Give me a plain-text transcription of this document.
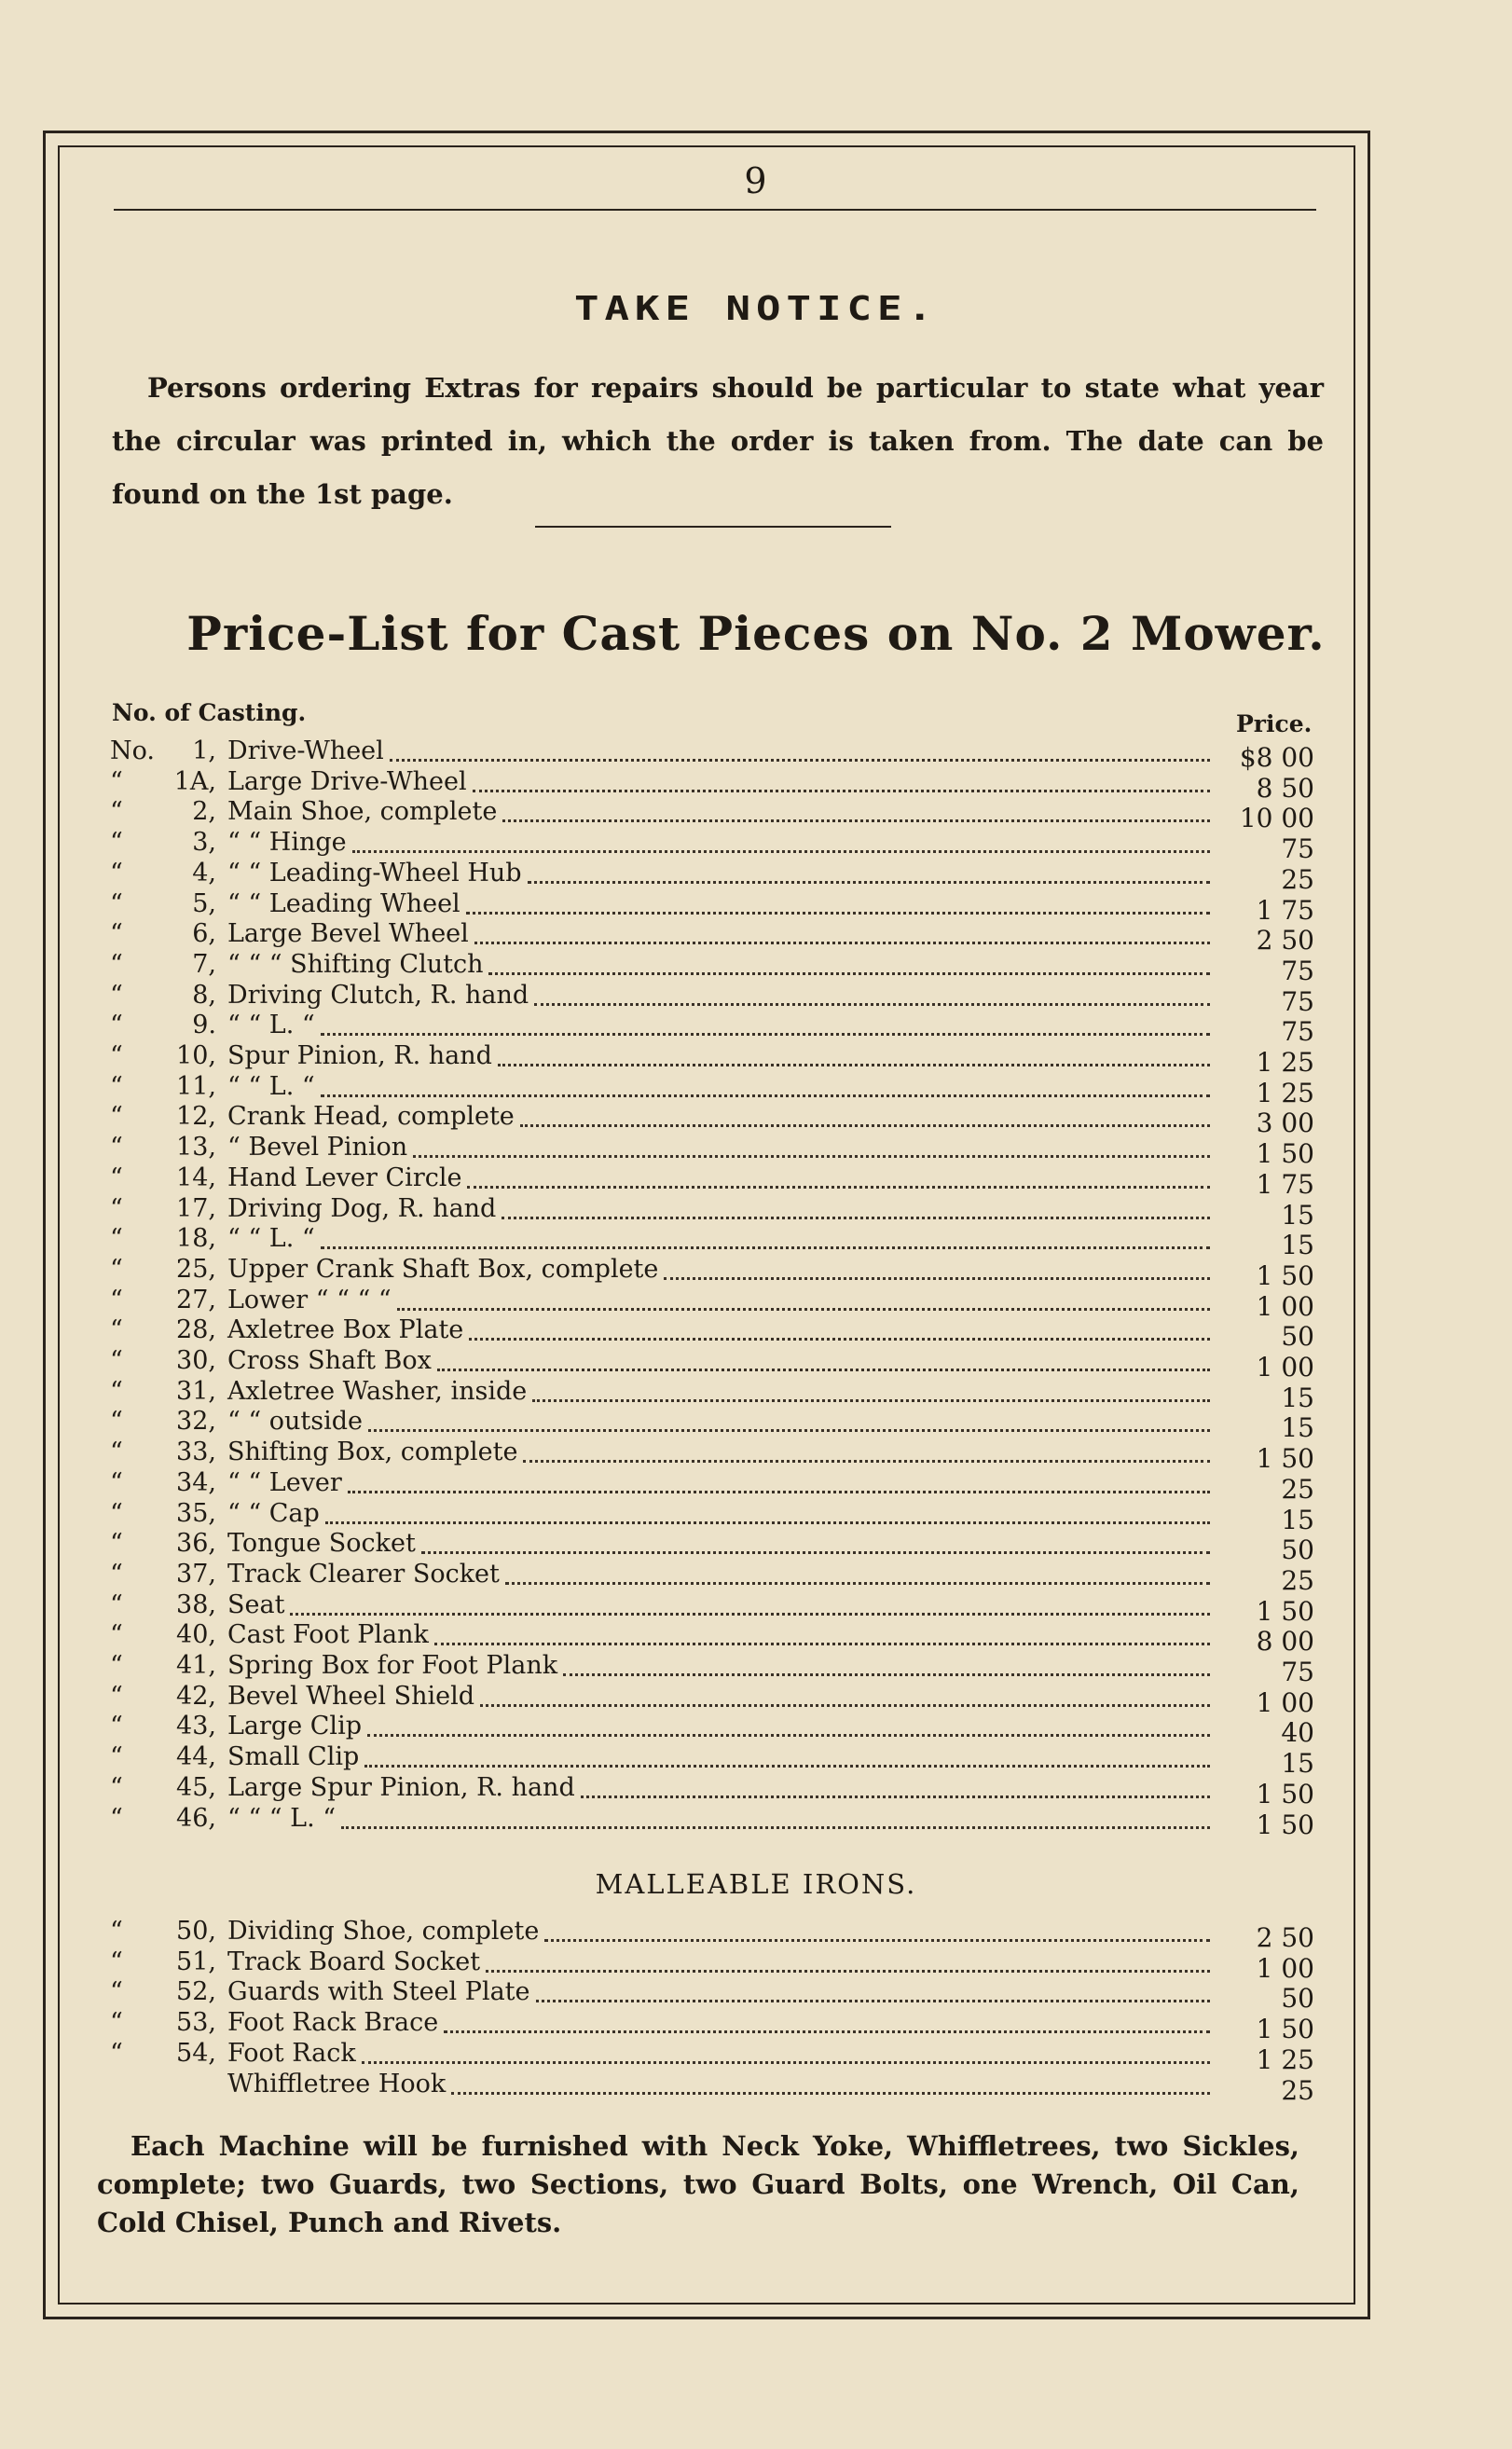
9
TAKE NOTICE.
Persons ordering Extras for repairs should be particular to state what year the circular was printed in, which the order is taken from. The date can be found on the 1st page.
Price-List for Cast Pieces on No. 2 Mower.
No. of Casting.	Price.
No.	1, Drive-Wheel	$8 00
“	1A, Large Drive-Wheel	8 50
“	2, Main Shoe, complete	10 00
“	3, “ “ Hinge	75
“	4, “ “ Leading-Wheel Hub	25
“	5, “ “ Leading Wheel	1 75
“	6, Large Bevel Wheel	2 50
“	7, “ “ “ Shifting Clutch	75
“	8, Driving Clutch, R. hand	75
“	9. “ “ L. “	75
“	10, Spur Pinion, R. hand	1 25
“	11, “ “ L. “	1 25
“	12, Crank Head, complete	3 00
“	13, “ Bevel Pinion	1 50
“	14, Hand Lever Circle	1 75
“	17, Driving Dog, R. hand	15
“	18, “ “ L. “	15
“	25, Upper Crank Shaft Box, complete	1 50
“	27, Lower “ “ “ “	1 00
“	28, Axletree Box Plate	50
“	30, Cross Shaft Box	1 00
“	31, Axletree Washer, inside	15
“	32, “ “ outside	15
“	33, Shifting Box, complete	1 50
“	34, “ “ Lever	25
“	35, “ “ Cap	15
“	36, Tongue Socket	50
“	37, Track Clearer Socket	25
“	38, Seat	1 50
“	40, Cast Foot Plank	8 00
“	41, Spring Box for Foot Plank	75
“	42, Bevel Wheel Shield	1 00
“	43, Large Clip	40
“	44, Small Clip	15
“	45, Large Spur Pinion, R. hand	1 50
“	46, “ “ “ L. “	1 50
MALLEABLE IRONS.
“	50, Dividing Shoe, complete	2 50
“	51, Track Board Socket	1 00
“	52, Guards with Steel Plate	50
“	53, Foot Rack Brace	1 50
“	54, Foot Rack	1 25
Whiffletree Hook	25
Each Machine will be furnished with Neck Yoke, Whiffletrees, two Sickles, complete; two Guards, two Sections, two Guard Bolts, one Wrench, Oil Can, Cold Chisel, Punch and Rivets.
